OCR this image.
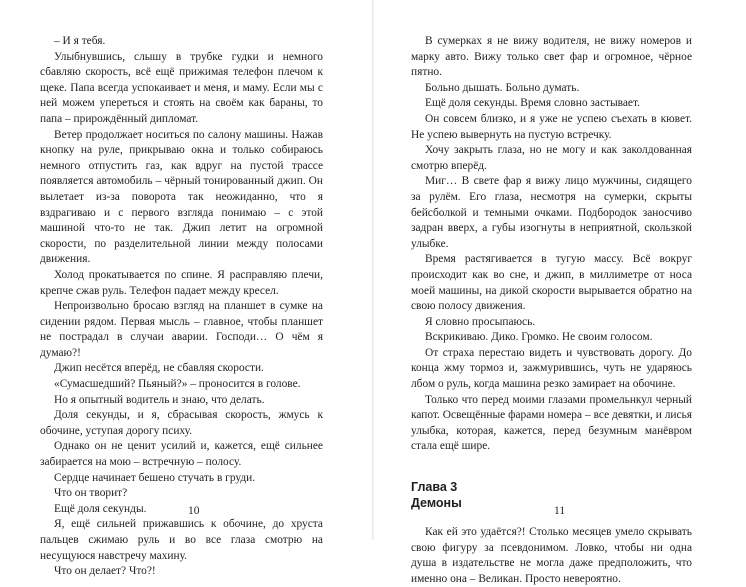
– И я тебя.

Улыбнувшись, слышу в трубке гудки и немного сбавляю скорость, всё ещё прижимая телефон плечом к щеке. Папа всегда успокаивает и меня, и маму. Если мы с ней можем упереться и стоять на своём как бараны, то папа – прирождённый дипломат.

Ветер продолжает носиться по салону машины. Нажав кнопку на руле, прикрываю окна и только собираюсь немного отпустить газ, как вдруг на пустой трассе появляется автомобиль – чёрный тонированный джип. Он вылетает из-за поворота так неожиданно, что я вздрагиваю и с первого взгляда понимаю – с этой машиной что-то не так. Джип летит на огромной скорости, по разделительной линии между полосами движения.

Холод прокатывается по спине. Я расправляю плечи, крепче сжав руль. Телефон падает между кресел.

Непроизвольно бросаю взгляд на планшет в сумке на сидении рядом. Первая мысль – главное, чтобы планшет не пострадал в случаи аварии. Господи… О чём я думаю?!

Джип несётся вперёд, не сбавляя скорости.

«Сумасшедший? Пьяный?» – проносится в голове.

Но я опытный водитель и знаю, что делать.

Доля секунды, и я, сбрасывая скорость, жмусь к обочине, уступая дорогу психу.

Однако он не ценит усилий и, кажется, ещё сильнее забирается на мою – встречную – полосу.

Сердце начинает бешено стучать в груди.

Что он творит?

Ещё доля секунды.

Я, ещё сильней прижавшись к обочине, до хруста пальцев сжимаю руль и во все глаза смотрю на несущуюся навстречу махину.

Что он делает? Что?!

10

В сумерках я не вижу водителя, не вижу номеров и марку авто. Вижу только свет фар и огромное, чёрное пятно.

Больно дышать. Больно думать.

Ещё доля секунды. Время словно застывает.

Он совсем близко, и я уже не успею съехать в кювет. Не успею вывернуть на пустую встречку.

Хочу закрыть глаза, но не могу и как заколдованная смотрю вперёд.

Миг… В свете фар я вижу лицо мужчины, сидящего за рулём. Его глаза, несмотря на сумерки, скрыты бейсболкой и темными очками. Подбородок заносчиво задран вверх, а губы изогнуты в неприятной, скользкой улыбке.

Время растягивается в тугую массу. Всё вокруг происходит как во сне, и джип, в миллиметре от носа моей машины, на дикой скорости вырывается обратно на свою полосу движения.

Я словно просыпаюсь.

Вскрикиваю. Дико. Громко. Не своим голосом.

От страха перестаю видеть и чувствовать дорогу. До конца жму тормоз и, зажмурившись, чуть не ударяюсь лбом о руль, когда машина резко замирает на обочине.

Только что перед моими глазами промельнкул черный капот. Освещённые фарами номера – все девятки, и лисья улыбка, которая, кажется, перед безумным манёвром стала ещё шире.

Глава 3
Демоны

Как ей это удаётся?! Столько месяцев умело скрывать свою фигуру за псевдонимом. Ловко, чтобы ни одна душа в издательстве не могла даже предположить, что именно она – Великан. Просто невероятно.

11
